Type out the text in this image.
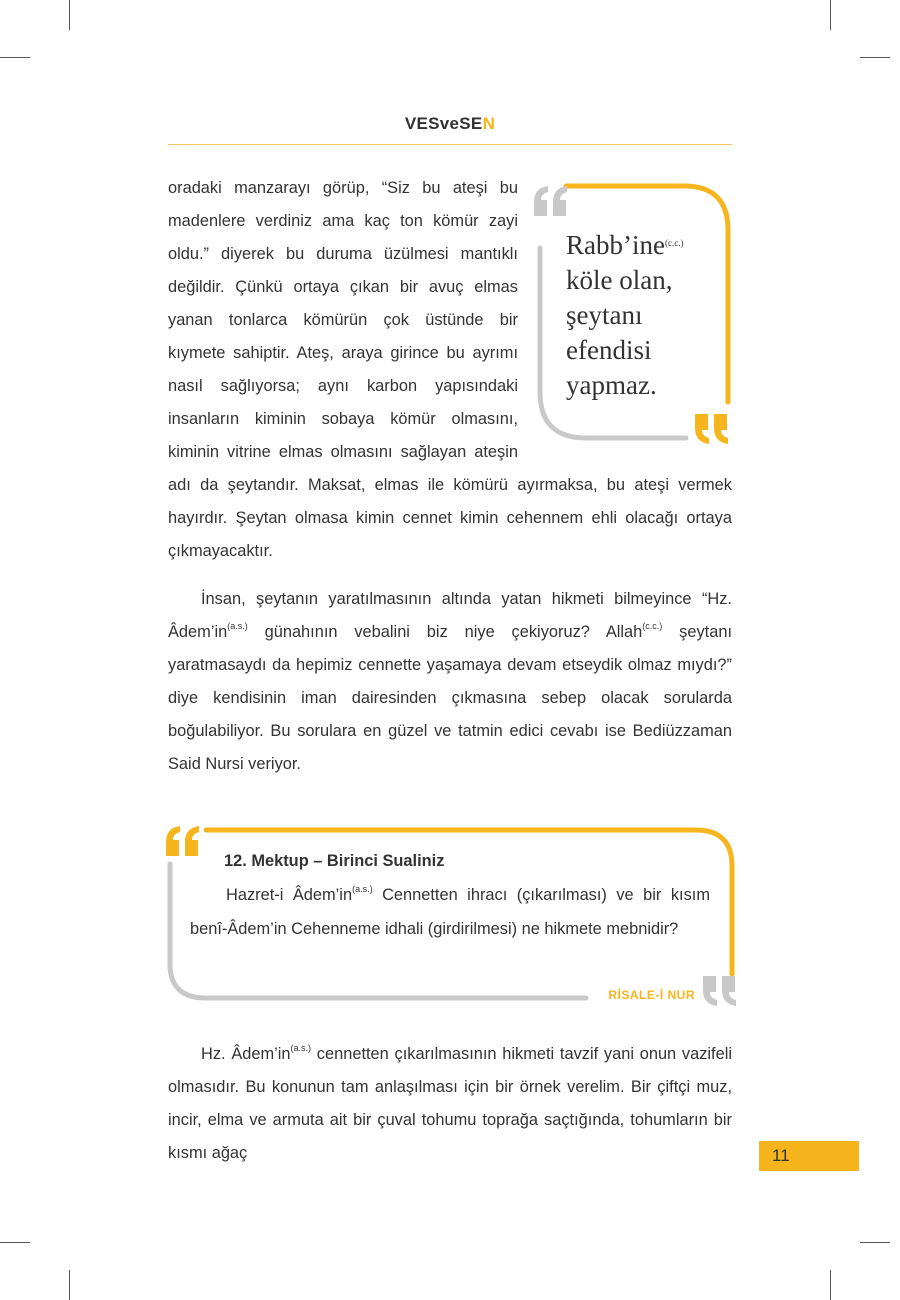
VESveSEN
Rabb’ine$^{(c.c.)}$
köle olan,
şeytanı
efendisi
yapmaz.

oradaki manzarayı görüp, “Siz bu ateşi bu madenlere verdiniz ama kaç ton kömür zayi oldu.” diyerek bu duruma üzülmesi mantıklı değildir. Çünkü ortaya çıkan bir avuç elmas yanan tonlarca kömürün çok üstünde bir kıymete sahiptir. Ateş, araya girince bu ayrımı nasıl sağlıyorsa; aynı karbon yapısındaki insanların kiminin sobaya kömür olmasını, kiminin vitrine elmas olmasını sağlayan ateşin adı da şeytandır. Maksat, elmas ile kömürü ayırmaksa, bu ateşi vermek hayırdır. Şeytan olmasa kimin cennet kimin cehennem ehli olacağı ortaya çıkmayacaktır.

İnsan, şeytanın yaratılmasının altında yatan hikmeti bilmeyince “Hz. $Âdem’in^{(a.s.)}$ günahının vebalini biz niye çekiyoruz? Allah$^{(c.c.)}$ şeytanı yaratmasaydı da hepimiz cennette yaşamaya devam etseydik olmaz mıydı?” diye kendisinin iman dairesinden çıkmasına sebep olacak sorularda boğulabiliyor. Bu sorulara en güzel ve tatmin edici cevabı ise Bediüzzaman Said Nursi veriyor.

12. Mektup – Birinci Sualiniz

Hazret-i $Âdem’in^{(a.s.)}$ Cennetten ihracı (çıkarılması) ve bir kısım benî-Âdem’in Cehenneme idhali (girdirilmesi) ne hikmete mebnidir?

RİSALE-İ NUR

Hz. $Âdem’in^{(a.s.)}$ cennetten çıkarılmasının hikmeti tavzif yani onun vazifeli olmasıdır. Bu konunun tam anlaşılması için bir örnek verelim. Bir çiftçi muz, incir, elma ve armuta ait bir çuval tohumu toprağa saçtığında, tohumların bir kısmı ağaç	11
